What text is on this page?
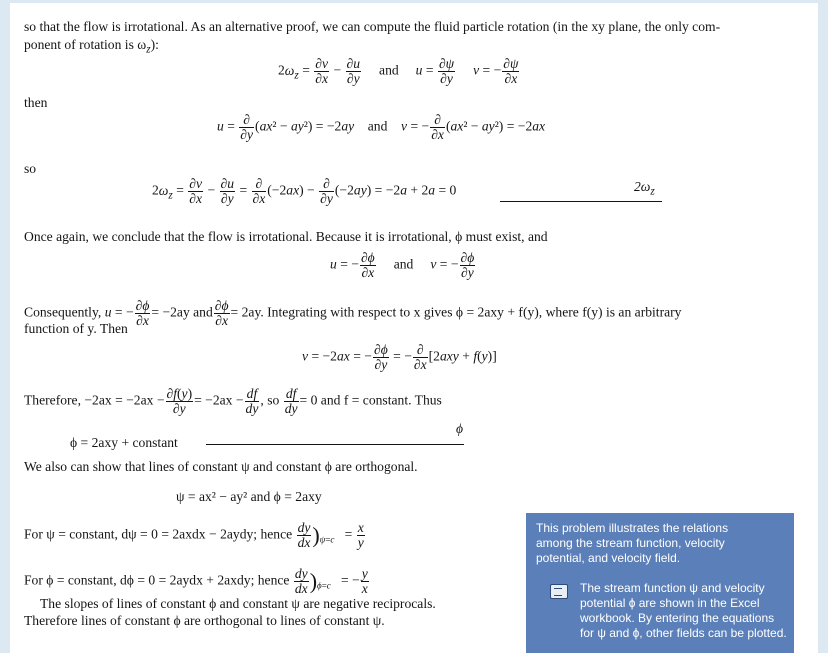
so that the flow is irrotational. As an alternative proof, we can compute the fluid particle rotation (in the xy plane, the only com-
ponent of rotation is $\omega_z$):
$2\omega_z = \frac{\partial v}{\partial x} - \frac{\partial u}{\partial y}$ and     $u = \frac{\partial\psi}{\partial y}$ v = − $\frac{\partial\psi}{\partial x}$
then
$u = \frac{\partial}{\partial y} (ax^2 - ay^2) = -2ay$    and    v = − $\frac{\partial}{\partial x} (ax^2 - ay^2) = -2ax$
so
$2\omega_z = \frac{\partial v}{\partial x} - \frac{\partial u}{\partial y} = \frac{\partial}{\partial x} (-2ax) - \frac{\partial}{\partial y} (-2ay) = -2a + 2a = 0$	$2\omega_z$
Once again, we conclude that the flow is irrotational. Because it is irrotational, ϕ must exist, and
u = − $\frac{\partial\phi}{\partial x}$ and     v = − $\frac{\partial\phi}{\partial y}$
Consequently, u = − $\frac{\partial\phi}{\partial x} = -2ay$ and $\frac{\partial\phi}{\partial x} = 2ay$. Integrating with respect to x gives ϕ = 2axy + f(y), where f(y) is an arbitrary
function of y. Then
v = −2ax = − $\frac{\partial\phi}{\partial y}$ = − $\frac{\partial}{\partial x} [2axy + f(y)]$
Therefore, $-2ax = -2ax - \frac{\partial f(y)}{\partial y} = -2ax - \frac{df}{dy}$ , so $\frac{df}{dy} = 0$ and f = constant. Thus
ϕ = 2axy + constant
ϕ
We also can show that lines of constant ψ and constant ϕ are orthogonal.
ψ = ax² − ay² and ϕ = 2axy
For ψ = constant, dψ = 0 = 2axdx − 2aydy; hence $\frac{dy}{dx} )_{\psi=c} = \frac{x}{y}$
For ϕ = constant, dϕ = 0 = 2aydx + 2axdy; hence $\frac{dy}{dx} )_{\phi=c}$   = − $\frac{y}{x}$
The slopes of lines of constant ϕ and constant ψ are negative reciprocals.
Therefore lines of constant ϕ are orthogonal to lines of constant ψ.
This problem illustrates the relations among the stream function, velocity potential, and velocity field.
The stream function ψ and velocity potential ϕ are shown in the Excel workbook. By entering the equations for ψ and ϕ, other fields can be plotted.
